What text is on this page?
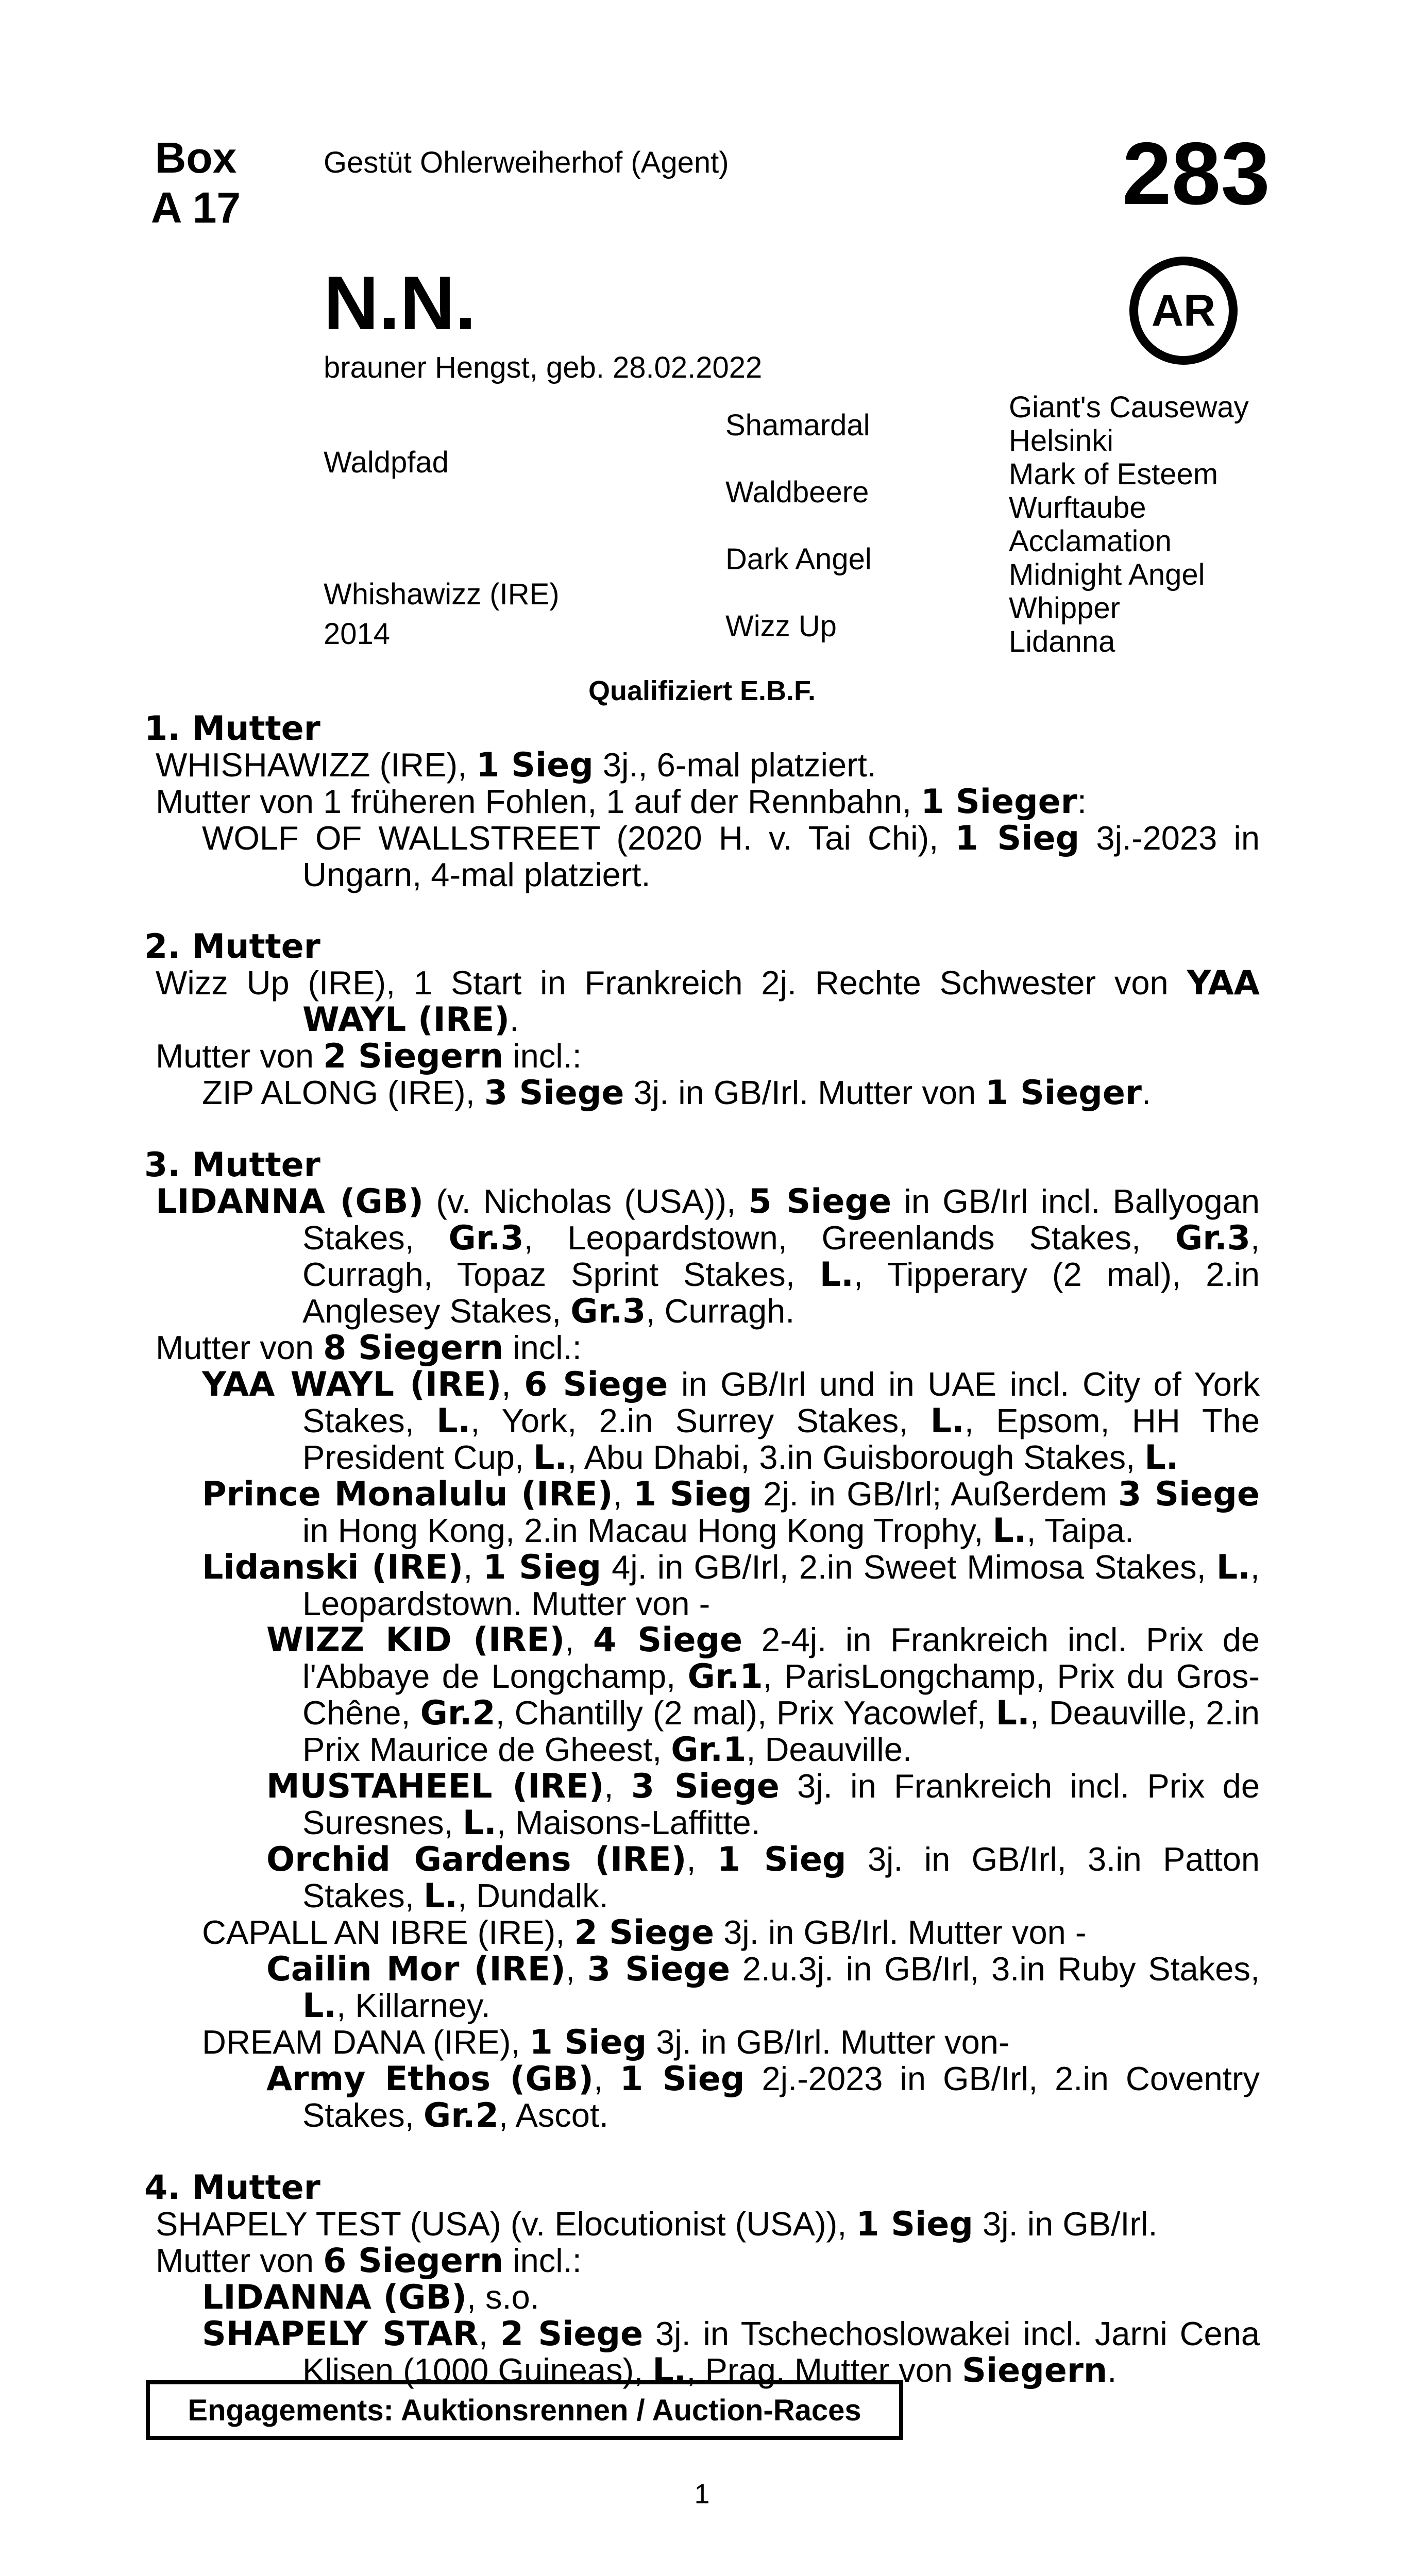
Box
A 17
Gestüt Ohlerweiherhof (Agent)	283
AR
N.N.
brauner Hengst, geb. 28.02.2022
Waldpfad
Whishawizz (IRE)
2014
Shamardal
Waldbeere
Dark Angel
Wizz Up
Giant's Causeway
Helsinki
Mark of Esteem
Wurftaube
Acclamation
Midnight Angel
Whipper
Lidanna
Qualifiziert E.B.F.
1. Mutter
WHISHAWIZZ (IRE), 1 Sieg 3j., 6-mal platziert.
Mutter von 1 früheren Fohlen, 1 auf der Rennbahn, 1 Sieger:
WOLF OF WALLSTREET (2020 H. v. Tai Chi), 1 Sieg 3j.-2023 in Ungarn, 4-mal platziert.
2. Mutter
Wizz Up (IRE), 1 Start in Frankreich 2j. Rechte Schwester von YAA WAYL (IRE).
Mutter von 2 Siegern incl.:
ZIP ALONG (IRE), 3 Siege 3j. in GB/Irl. Mutter von 1 Sieger.
3. Mutter
LIDANNA (GB) (v. Nicholas (USA)), 5 Siege in GB/Irl incl. Ballyogan Stakes, Gr.3, Leopardstown, Greenlands Stakes, Gr.3, Curragh, Topaz Sprint Stakes, L., Tipperary (2 mal), 2.in Anglesey Stakes, Gr.3, Curragh.
Mutter von 8 Siegern incl.:
YAA WAYL (IRE), 6 Siege in GB/Irl und in UAE incl. City of York Stakes, L., York, 2.in Surrey Stakes, L., Epsom, HH The President Cup, L., Abu Dhabi, 3.in Guisborough Stakes, L.
Prince Monalulu (IRE), 1 Sieg 2j. in GB/Irl; Außerdem 3 Siege in Hong Kong, 2.in Macau Hong Kong Trophy, L., Taipa.
Lidanski (IRE), 1 Sieg 4j. in GB/Irl, 2.in Sweet Mimosa Stakes, L., Leopardstown. Mutter von -
WIZZ KID (IRE), 4 Siege 2-4j. in Frankreich incl. Prix de l'Abbaye de Longchamp, Gr.1, ParisLongchamp, Prix du Gros-Chêne, Gr.2, Chantilly (2 mal), Prix Yacowlef, L., Deauville, 2.in Prix Maurice de Gheest, Gr.1, Deauville.
MUSTAHEEL (IRE), 3 Siege 3j. in Frankreich incl. Prix de Suresnes, L., Maisons-Laffitte.
Orchid Gardens (IRE), 1 Sieg 3j. in GB/Irl, 3.in Patton Stakes, L., Dundalk.
CAPALL AN IBRE (IRE), 2 Siege 3j. in GB/Irl. Mutter von -
Cailin Mor (IRE), 3 Siege 2.u.3j. in GB/Irl, 3.in Ruby Stakes, L., Killarney.
DREAM DANA (IRE), 1 Sieg 3j. in GB/Irl. Mutter von-
Army Ethos (GB), 1 Sieg 2j.-2023 in GB/Irl, 2.in Coventry Stakes, Gr.2, Ascot.
4. Mutter
SHAPELY TEST (USA) (v. Elocutionist (USA)), 1 Sieg 3j. in GB/Irl.
Mutter von 6 Siegern incl.:
LIDANNA (GB), s.o.
SHAPELY STAR, 2 Siege 3j. in Tschechoslowakei incl. Jarni Cena Klisen (1000 Guineas), L., Prag. Mutter von Siegern.
Engagements: Auktionsrennen / Auction-Races
1
